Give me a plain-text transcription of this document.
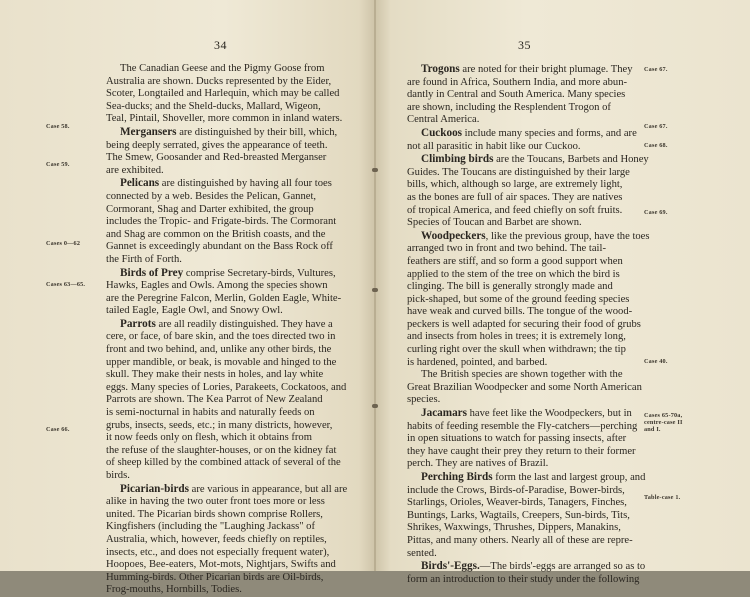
34
Case 58.
Case 59.
Cases 0—62
Cases 63—65.
Case 66.
The Canadian Geese and the Pigmy Goose from
Australia are shown. Ducks represented by the Eider,
Scoter, Longtailed and Harlequin, which may be called
Sea-ducks; and the Sheld-ducks, Mallard, Wigeon,
Teal, Pintail, Shoveller, more common in inland waters.
Mergansers are distinguished by their bill, which,
being deeply serrated, gives the appearance of teeth.
The Smew, Goosander and Red-breasted Merganser
are exhibited.
Pelicans are distinguished by having all four toes
connected by a web. Besides the Pelican, Gannet,
Cormorant, Shag and Darter exhibited, the group
includes the Tropic- and Frigate-birds. The Cormorant
and Shag are common on the British coasts, and the
Gannet is exceedingly abundant on the Bass Rock off
the Firth of Forth.
Birds of Prey comprise Secretary-birds, Vultures,
Hawks, Eagles and Owls. Among the species shown
are the Peregrine Falcon, Merlin, Golden Eagle, White-
tailed Eagle, Eagle Owl, and Snowy Owl.
Parrots are all readily distinguished. They have a
cere, or face, of bare skin, and the toes directed two in
front and two behind, and, unlike any other birds, the
upper mandible, or beak, is movable and hinged to the
skull. They make their nests in holes, and lay white
eggs. Many species of Lories, Parakeets, Cockatoos, and
Parrots are shown. The Kea Parrot of New Zealand
is semi-nocturnal in habits and naturally feeds on
grubs, insects, seeds, etc.; in many districts, however,
it now feeds only on flesh, which it obtains from
the refuse of the slaughter-houses, or on the kidney fat
of sheep killed by the combined attack of several of the
birds.
Picarian-birds are various in appearance, but all are
alike in having the two outer front toes more or less
united. The Picarian birds shown comprise Rollers,
Kingfishers (including the "Laughing Jackass" of
Australia, which, however, feeds chiefly on reptiles,
insects, etc., and does not especially frequent water),
Hoopoes, Bee-eaters, Mot-mots, Nightjars, Swifts and
Humming-birds. Other Picarian birds are Oil-birds,
Frog-mouths, Hornbills, Todies.
35
Case 67.
Case 67.
Case 68.
Case 69.
Case 40.
Cases 65-70a,
centre-case II
and I.
Table-case 1.
Trogons are noted for their bright plumage. They
are found in Africa, Southern India, and more abun-
dantly in Central and South America. Many species
are shown, including the Resplendent Trogon of
Central America.
Cuckoos include many species and forms, and are
not all parasitic in habit like our Cuckoo.
Climbing birds are the Toucans, Barbets and Honey
Guides. The Toucans are distinguished by their large
bills, which, although so large, are extremely light,
as the bones are full of air spaces. They are natives
of tropical America, and feed chiefly on soft fruits.
Species of Toucan and Barbet are shown.
Woodpeckers, like the previous group, have the toes
arranged two in front and two behind. The tail-
feathers are stiff, and so form a good support when
applied to the stem of the tree on which the bird is
clinging. The bill is generally strongly made and
pick-shaped, but some of the ground feeding species
have weak and curved bills. The tongue of the wood-
peckers is well adapted for securing their food of grubs
and insects from holes in trees; it is extremely long,
curling right over the skull when withdrawn; the tip
is hardened, pointed, and barbed.
The British species are shown together with the
Great Brazilian Woodpecker and some North American
species.
Jacamars have feet like the Woodpeckers, but in
habits of feeding resemble the Fly-catchers—perching
in open situations to watch for passing insects, after
they have caught their prey they return to their former
perch. They are natives of Brazil.
Perching Birds form the last and largest group, and
include the Crows, Birds-of-Paradise, Bower-birds,
Starlings, Orioles, Weaver-birds, Tanagers, Finches,
Buntings, Larks, Wagtails, Creepers, Sun-birds, Tits,
Shrikes, Waxwings, Thrushes, Dippers, Manakins,
Pittas, and many others. Nearly all of these are repre-
sented.
Birds'-Eggs.—The birds'-eggs are arranged so as to
form an introduction to their study under the following
